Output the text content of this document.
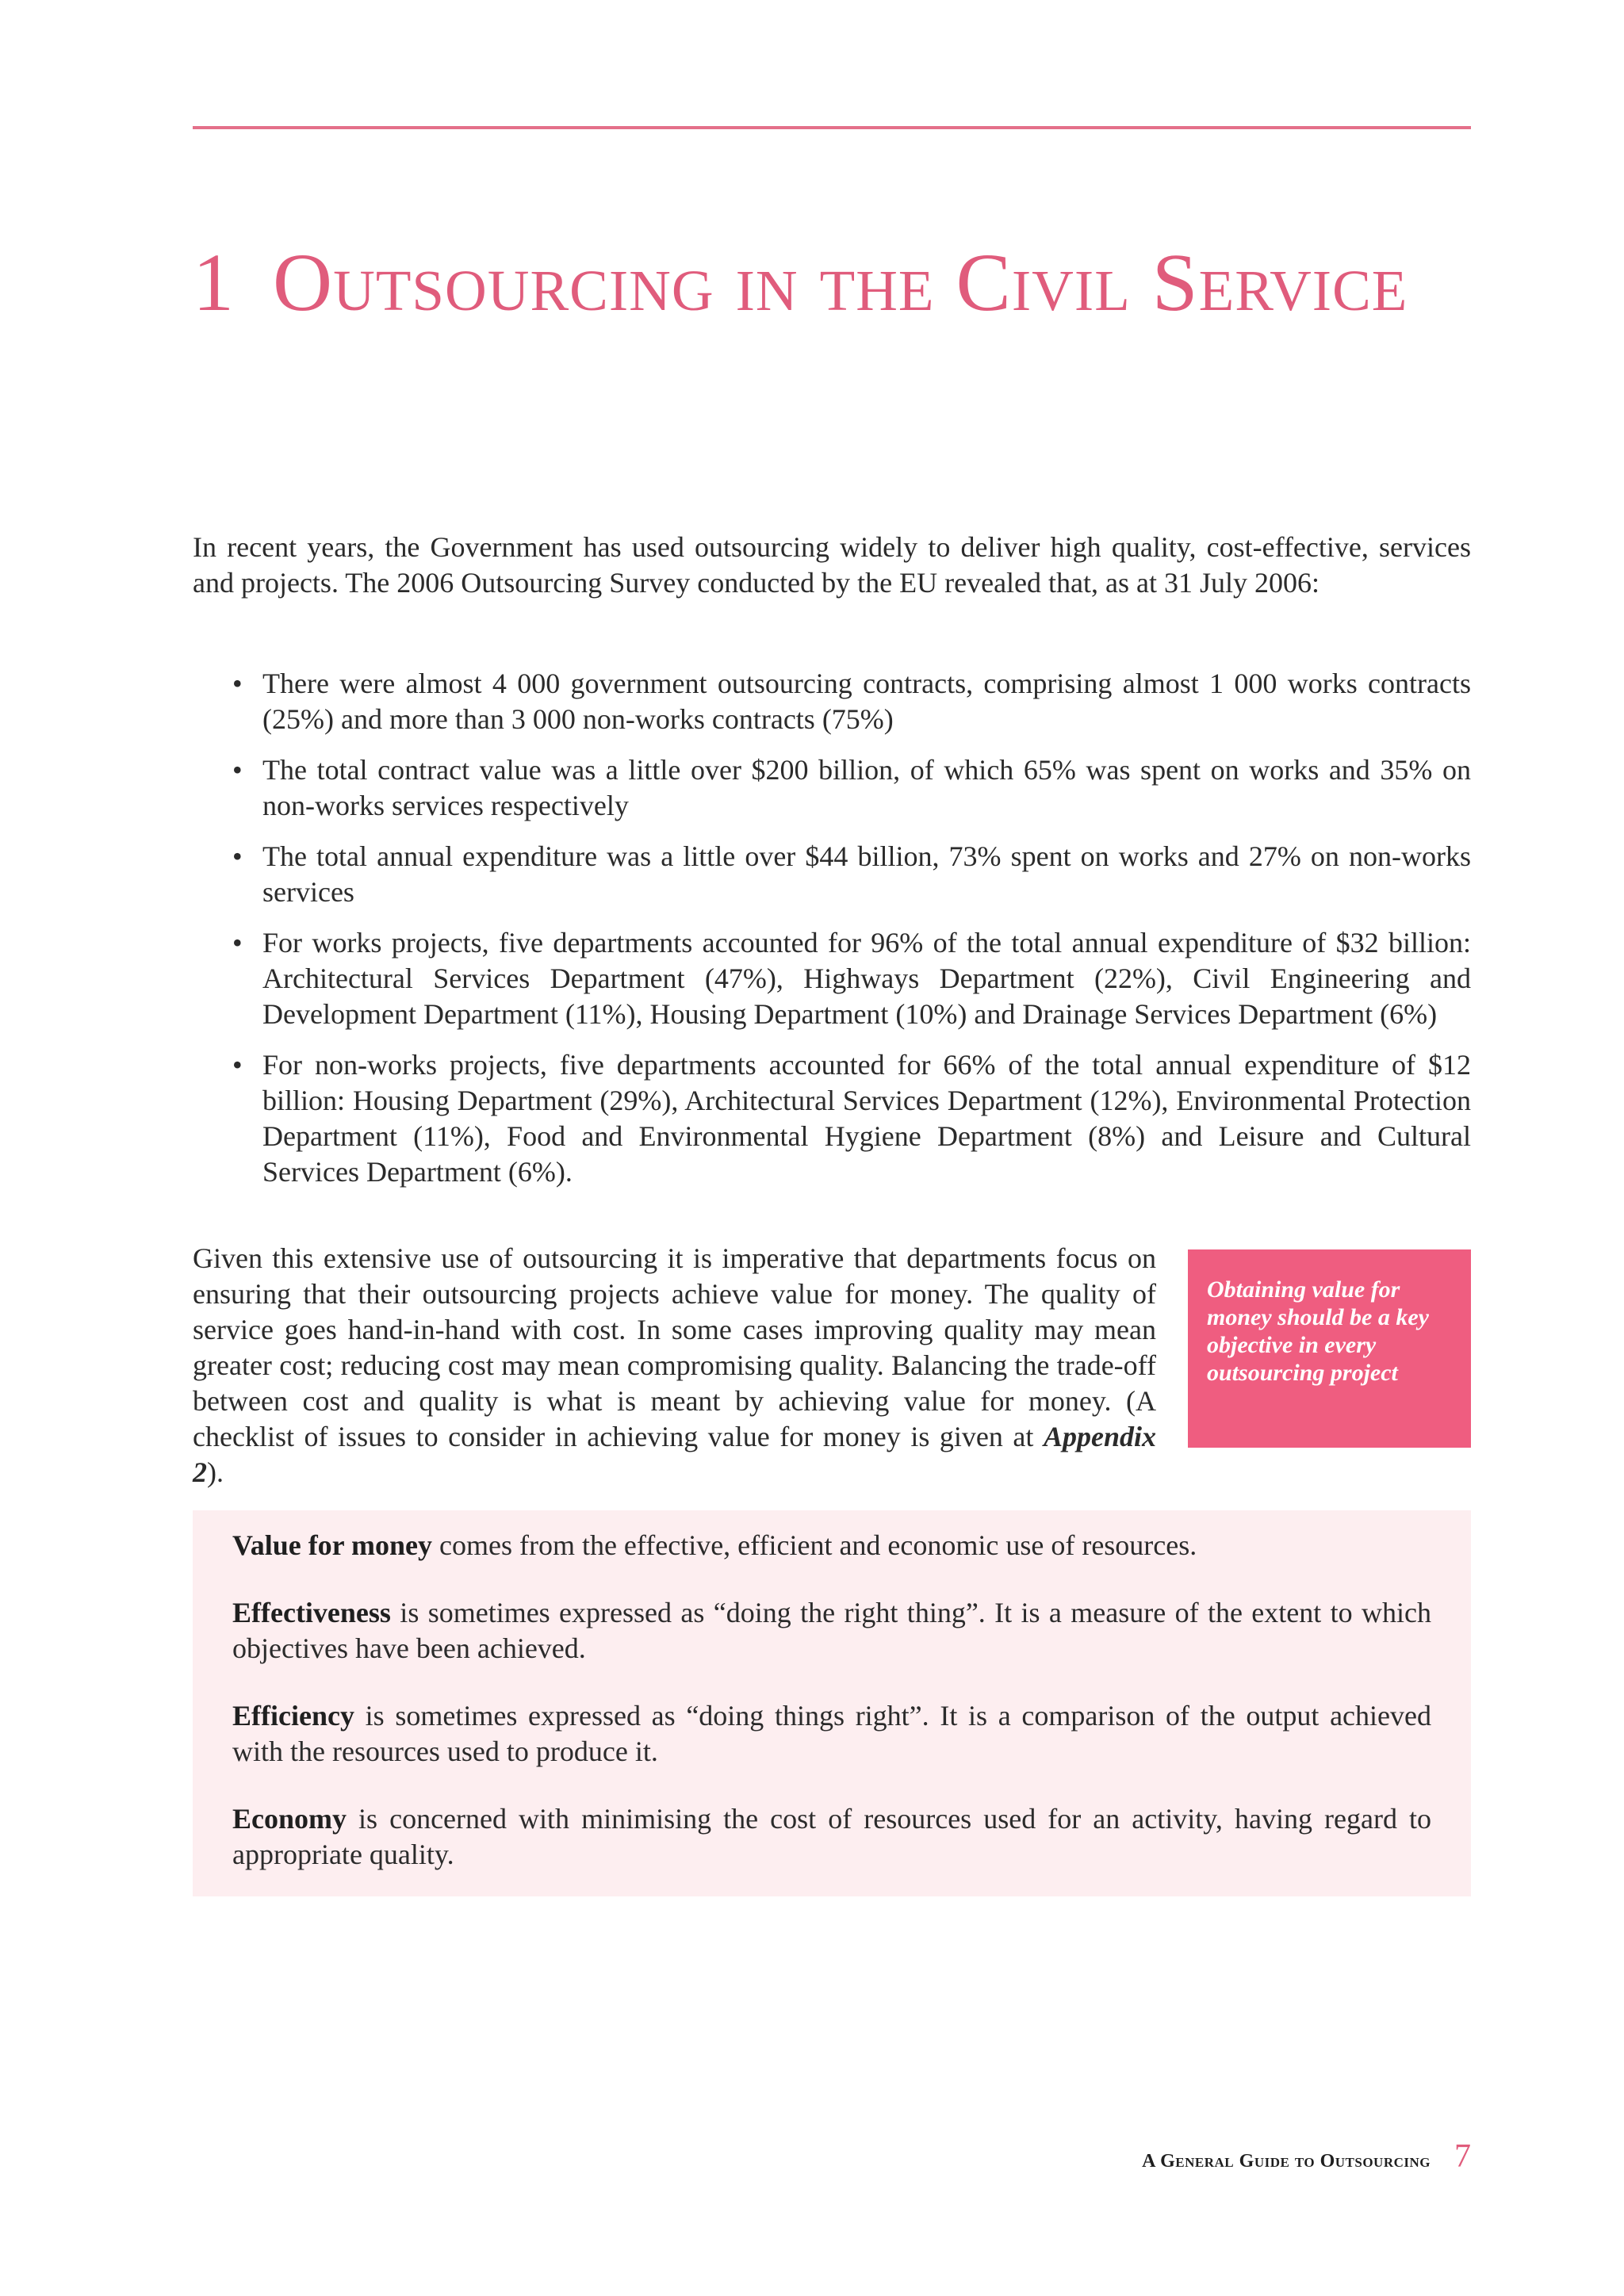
1 Outsourcing in the Civil Service

In recent years, the Government has used outsourcing widely to deliver high quality, cost-effective, services and projects. The 2006 Outsourcing Survey conducted by the EU revealed that, as at 31 July 2006:

• There were almost 4 000 government outsourcing contracts, comprising almost 1 000 works contracts (25%) and more than 3 000 non-works contracts (75%)
• The total contract value was a little over $200 billion, of which 65% was spent on works and 35% on non-works services respectively
• The total annual expenditure was a little over $44 billion, 73% spent on works and 27% on non-works services
• For works projects, five departments accounted for 96% of the total annual expenditure of $32 billion: Architectural Services Department (47%), Highways Department (22%), Civil Engineering and Development Department (11%), Housing Department (10%) and Drainage Services Department (6%)
• For non-works projects, five departments accounted for 66% of the total annual expenditure of $12 billion: Housing Department (29%), Architectural Services Department (12%), Environmental Protection Department (11%), Food and Environmental Hygiene Department (8%) and Leisure and Cultural Services Department (6%).

Given this extensive use of outsourcing it is imperative that departments focus on ensuring that their outsourcing projects achieve value for money. The quality of service goes hand-in-hand with cost. In some cases improving quality may mean greater cost; reducing cost may mean compromising quality. Balancing the trade-off between cost and quality is what is meant by achieving value for money. (A checklist of issues to consider in achieving value for money is given at Appendix 2).

Obtaining value for money should be a key objective in every outsourcing project

Value for money comes from the effective, efficient and economic use of resources.

Effectiveness is sometimes expressed as “doing the right thing”. It is a measure of the extent to which objectives have been achieved.

Efficiency is sometimes expressed as “doing things right”. It is a comparison of the output achieved with the resources used to produce it.

Economy is concerned with minimising the cost of resources used for an activity, having regard to appropriate quality.

A General Guide to Outsourcing 7
